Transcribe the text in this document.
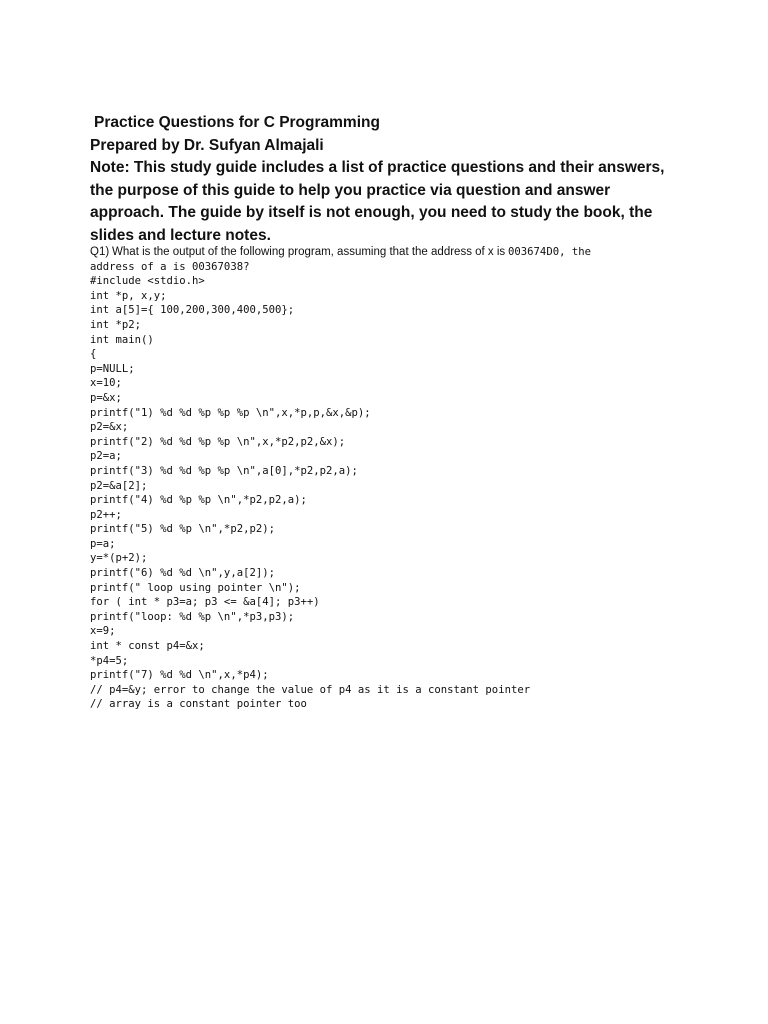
Practice Questions for C Programming
Prepared by Dr. Sufyan Almajali
Note: This study guide includes a list of practice questions and their answers,
the purpose of this guide to help you practice via question and answer
approach. The guide by itself is not enough, you need to study the book, the
slides and lecture notes.
Q1) What is the output of the following program, assuming that the address of x is 003674D0, the
address of a is 00367038?
#include <stdio.h>
int *p, x,y;
int a[5]={ 100,200,300,400,500};
int *p2;
int main()
{
p=NULL;
x=10;
p=&x;
printf("1) %d %d %p %p %p \n",x,*p,p,&x,&p);
p2=&x;
printf("2) %d %d %p %p \n",x,*p2,p2,&x);
p2=a;
printf("3) %d %d %p %p \n",a[0],*p2,p2,a);
p2=&a[2];
printf("4) %d %p %p \n",*p2,p2,a);
p2++;
printf("5) %d %p \n",*p2,p2);
p=a;
y=*(p+2);
printf("6) %d %d \n",y,a[2]);
printf(" loop using pointer \n");
for ( int * p3=a; p3 <= &a[4]; p3++)
printf("loop: %d %p \n",*p3,p3);
x=9;
int * const p4=&x;
*p4=5;
printf("7) %d %d \n",x,*p4);
// p4=&y; error to change the value of p4 as it is a constant pointer
// array is a constant pointer too
